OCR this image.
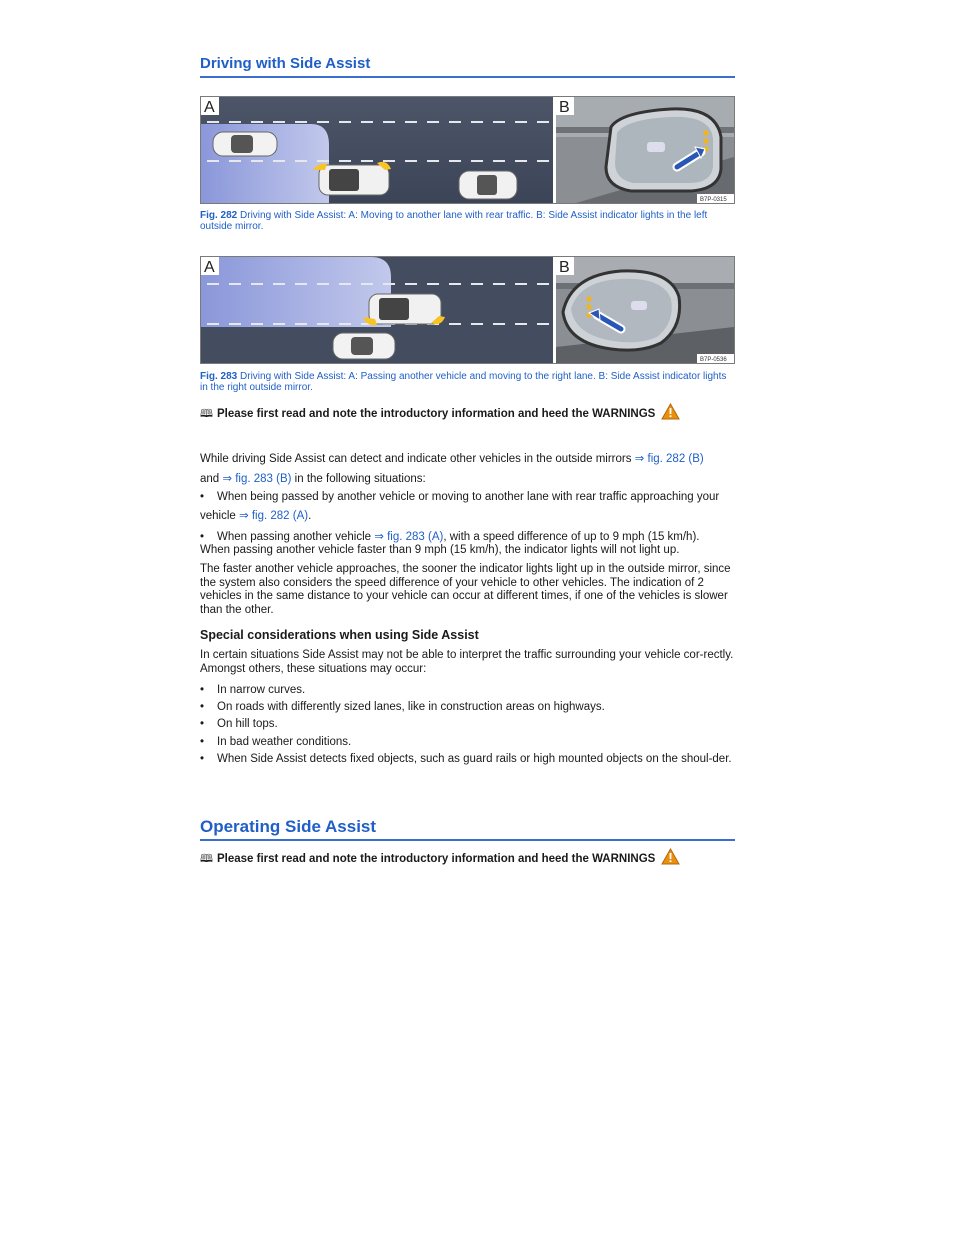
Driving with Side Assist
A	B
B7P-0315
Fig. 282 Driving with Side Assist: A: Moving to another lane with rear traffic. B: Side Assist indicator lights in the left outside mirror.
A	B
B7P-0536
Fig. 283 Driving with Side Assist: A: Passing another vehicle and moving to the right lane. B: Side Assist indicator lights in the right outside mirror.
🕮 Please first read and note the introductory information and heed the WARNINGS
While driving Side Assist can detect and indicate other vehicles in the outside mirrors ⇒ fig. 282 (B)
and ⇒ fig. 283 (B) in the following situations:
• When being passed by another vehicle or moving to another lane with rear traffic approaching your
vehicle ⇒ fig. 282 (A).
• When passing another vehicle ⇒ fig. 283 (A), with a speed difference of up to 9 mph (15 km/h).
When passing another vehicle faster than 9 mph (15 km/h), the indicator lights will not light up.
The faster another vehicle approaches, the sooner the indicator lights light up in the outside mirror, since the system also considers the speed difference of your vehicle to other vehicles. The indication of 2 vehicles in the same distance to your vehicle can occur at different times, if one of the vehicles is slower than the other.
Special considerations when using Side Assist
In certain situations Side Assist may not be able to interpret the traffic surrounding your vehicle cor-rectly. Amongst others, these situations may occur:
• In narrow curves.
• On roads with differently sized lanes, like in construction areas on highways.
• On hill tops.
• In bad weather conditions.
• When Side Assist detects fixed objects, such as guard rails or high mounted objects on the shoul-der.
Operating Side Assist
🕮 Please first read and note the introductory information and heed the WARNINGS
